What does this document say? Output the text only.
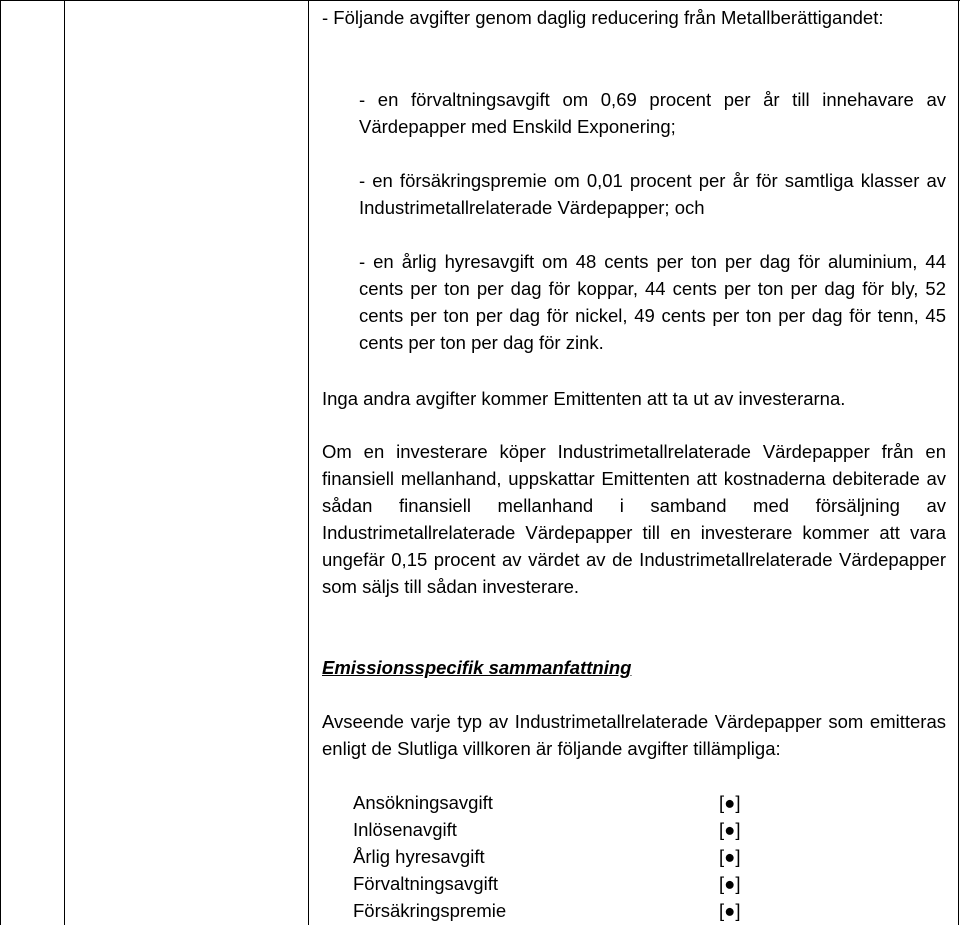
- Följande avgifter genom daglig reducering från Metallberättigandet:
- en förvaltningsavgift om 0,69 procent per år till innehavare av Värdepapper med Enskild Exponering;
- en försäkringspremie om 0,01 procent per år för samtliga klasser av Industrimetallrelaterade Värdepapper; och
- en årlig hyresavgift om 48 cents per ton per dag för aluminium, 44 cents per ton per dag för koppar, 44 cents per ton per dag för bly, 52 cents per ton per dag för nickel, 49 cents per ton per dag för tenn, 45 cents per ton per dag för zink.
Inga andra avgifter kommer Emittenten att ta ut av investerarna.
Om en investerare köper Industrimetallrelaterade Värdepapper från en finansiell mellanhand, uppskattar Emittenten att kostnaderna debiterade av sådan finansiell mellanhand i samband med försäljning av Industrimetallrelaterade Värdepapper till en investerare kommer att vara ungefär 0,15 procent av värdet av de Industrimetallrelaterade Värdepapper som säljs till sådan investerare.
Emissionsspecifik sammanfattning
Avseende varje typ av Industrimetallrelaterade Värdepapper som emitteras enligt de Slutliga villkoren är följande avgifter tillämpliga:
Ansökningsavgift	[●]
Inlösenavgift	[●]
Årlig hyresavgift	[●]
Förvaltningsavgift	[●]
Försäkringspremie	[●]
